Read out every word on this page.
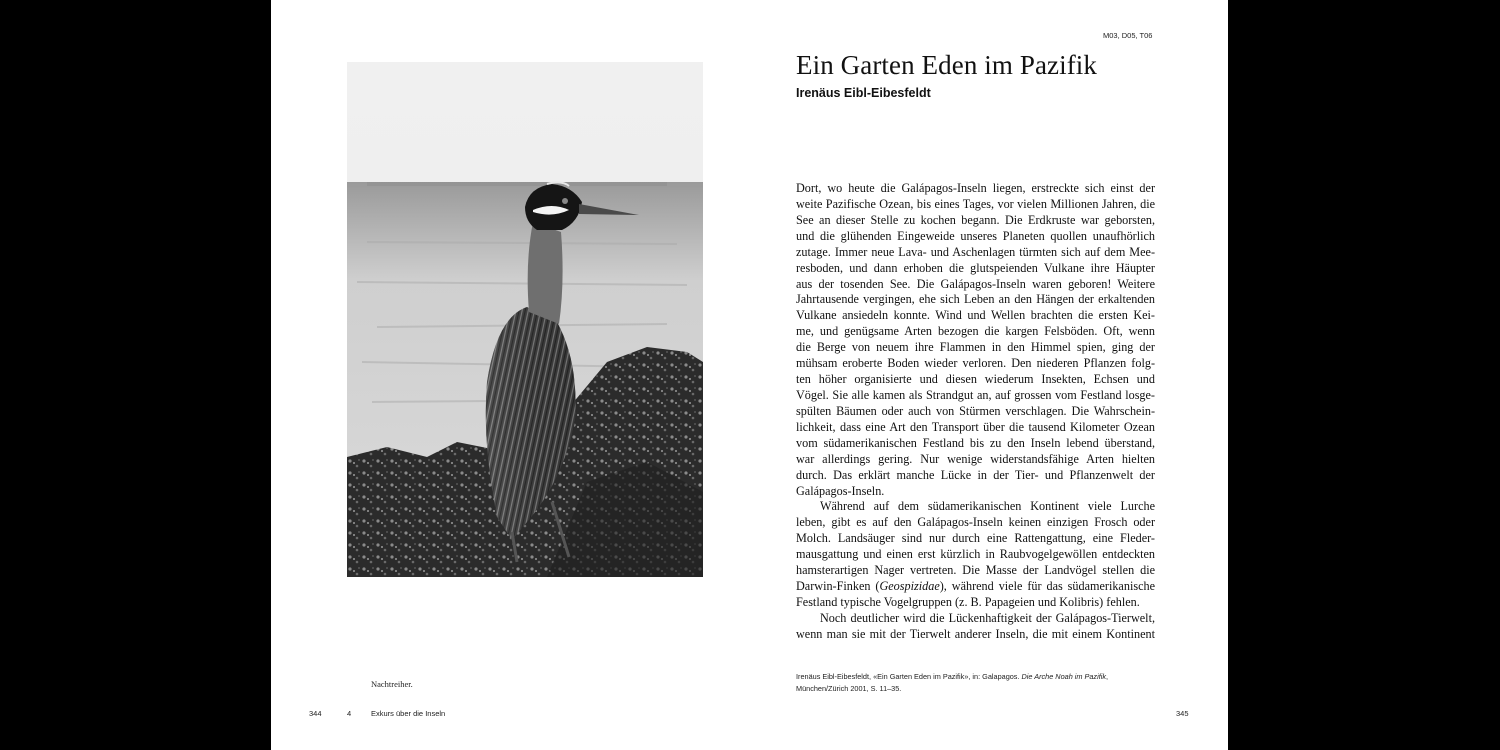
Nachtreiher.
344	4	Exkurs über die Inseln
M03, D05, T06
Ein Garten Eden im Pazifik
Irenäus Eibl-Eibesfeldt
Dort, wo heute die Galápagos-Inseln liegen, erstreckte sich einst der
weite Pazifische Ozean, bis eines Tages, vor vielen Millionen Jahren, die
See an dieser Stelle zu kochen begann. Die Erdkruste war geborsten,
und die glühenden Eingeweide unseres Planeten quollen unaufhörlich
zutage. Immer neue Lava- und Aschenlagen türmten sich auf dem Mee-
resboden, und dann erhoben die glutspeienden Vulkane ihre Häupter
aus der tosenden See. Die Galápagos-Inseln waren geboren! Weitere
Jahrtausende vergingen, ehe sich Leben an den Hängen der erkaltenden
Vulkane ansiedeln konnte. Wind und Wellen brachten die ersten Kei-
me, und genügsame Arten bezogen die kargen Felsböden. Oft, wenn
die Berge von neuem ihre Flammen in den Himmel spien, ging der
mühsam eroberte Boden wieder verloren. Den niederen Pflanzen folg-
ten höher organisierte und diesen wiederum Insekten, Echsen und
Vögel. Sie alle kamen als Strandgut an, auf grossen vom Festland losge-
spülten Bäumen oder auch von Stürmen verschlagen. Die Wahrschein-
lichkeit, dass eine Art den Transport über die tausend Kilometer Ozean
vom südamerikanischen Festland bis zu den Inseln lebend überstand,
war allerdings gering. Nur wenige widerstandsfähige Arten hielten
durch. Das erklärt manche Lücke in der Tier- und Pflanzenwelt der
Galápagos-Inseln.
Während auf dem südamerikanischen Kontinent viele Lurche
leben, gibt es auf den Galápagos-Inseln keinen einzigen Frosch oder
Molch. Landsäuger sind nur durch eine Rattengattung, eine Fleder-
mausgattung und einen erst kürzlich in Raubvogelgewöllen entdeckten
hamsterartigen Nager vertreten. Die Masse der Landvögel stellen die
Darwin-Finken (Geospizidae), während viele für das südamerikanische
Festland typische Vogelgruppen (z. B. Papageien und Kolibris) fehlen.
Noch deutlicher wird die Lückenhaftigkeit der Galápagos-Tierwelt,
wenn man sie mit der Tierwelt anderer Inseln, die mit einem Kontinent
Irenäus Eibl-Eibesfeldt, «Ein Garten Eden im Pazifik», in: Galapagos. Die Arche Noah im Pazifik,
München/Zürich 2001, S. 11–35.
345
